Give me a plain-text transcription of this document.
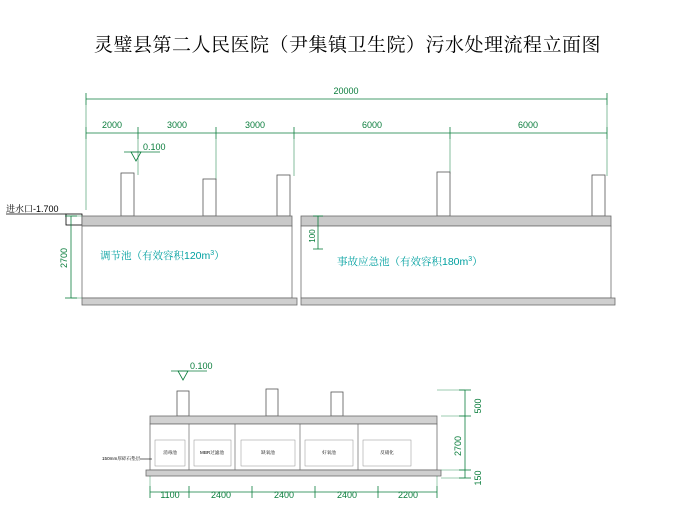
灵璧县第二人民医院（尹集镇卫生院）污水处理流程立面图
20000
2000	3000	3000	6000	6000
0.100
进水口-1.700
调节池（有效容积$120m^3$）	事故应急池（有效容积$180m^3$）
2700
100
0.100
消毒池	MBR过滤池	缺氧池	好氧池	反硝化
150mm厚碎石垫层
500
2700
150
1100	2400	2400	2400	2200
